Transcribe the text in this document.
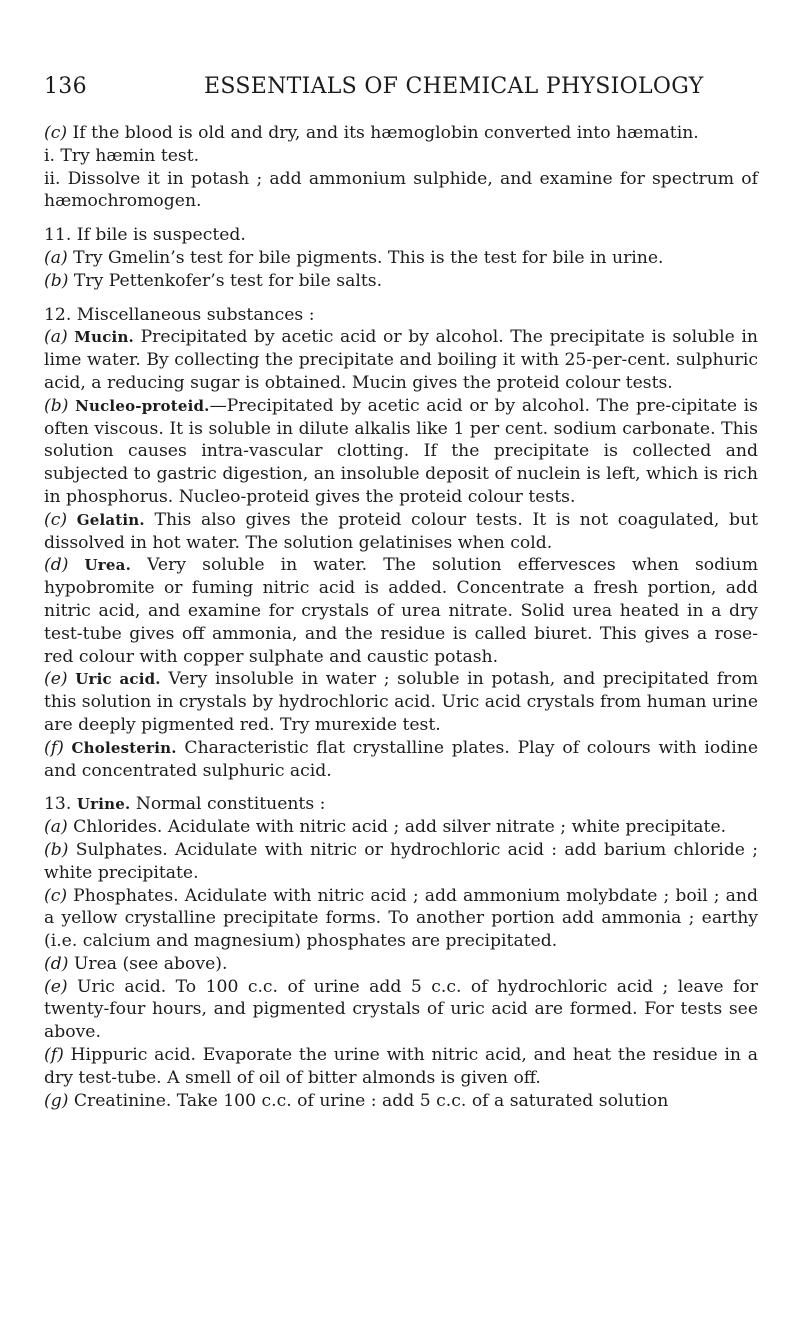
136	ESSENTIALS OF CHEMICAL PHYSIOLOGY

(c) If the blood is old and dry, and its hæmoglobin converted into hæmatin.

i. Try hæmin test.

ii. Dissolve it in potash ; add ammonium sulphide, and examine for spectrum of hæmochromogen.

11. If bile is suspected.

(a) Try Gmelin’s test for bile pigments. This is the test for bile in urine.

(b) Try Pettenkofer’s test for bile salts.

12. Miscellaneous substances :

(a) Mucin. Precipitated by acetic acid or by alcohol. The precipitate is soluble in lime water. By collecting the precipitate and boiling it with 25-per-cent. sulphuric acid, a reducing sugar is obtained. Mucin gives the proteid colour tests.

(b) Nucleo-proteid.—Precipitated by acetic acid or by alcohol. The pre-cipitate is often viscous. It is soluble in dilute alkalis like 1 per cent. sodium carbonate. This solution causes intra-vascular clotting. If the precipitate is collected and subjected to gastric digestion, an insoluble deposit of nuclein is left, which is rich in phosphorus. Nucleo-proteid gives the proteid colour tests.

(c) Gelatin. This also gives the proteid colour tests. It is not coagulated, but dissolved in hot water. The solution gelatinises when cold.

(d) Urea. Very soluble in water. The solution effervesces when sodium hypobromite or fuming nitric acid is added. Concentrate a fresh portion, add nitric acid, and examine for crystals of urea nitrate. Solid urea heated in a dry test-tube gives off ammonia, and the residue is called biuret. This gives a rose-red colour with copper sulphate and caustic potash.

(e) Uric acid. Very insoluble in water ; soluble in potash, and precipitated from this solution in crystals by hydrochloric acid. Uric acid crystals from human urine are deeply pigmented red. Try murexide test.

(f) Cholesterin. Characteristic flat crystalline plates. Play of colours with iodine and concentrated sulphuric acid.

13. Urine. Normal constituents :

(a) Chlorides. Acidulate with nitric acid ; add silver nitrate ; white precipitate.

(b) Sulphates. Acidulate with nitric or hydrochloric acid : add barium chloride ; white precipitate.

(c) Phosphates. Acidulate with nitric acid ; add ammonium molybdate ; boil ; and a yellow crystalline precipitate forms. To another portion add ammonia ; earthy (i.e. calcium and magnesium) phosphates are precipitated.

(d) Urea (see above).

(e) Uric acid. To 100 c.c. of urine add 5 c.c. of hydrochloric acid ; leave for twenty-four hours, and pigmented crystals of uric acid are formed. For tests see above.

(f) Hippuric acid. Evaporate the urine with nitric acid, and heat the residue in a dry test-tube. A smell of oil of bitter almonds is given off.

(g) Creatinine. Take 100 c.c. of urine : add 5 c.c. of a saturated solution
